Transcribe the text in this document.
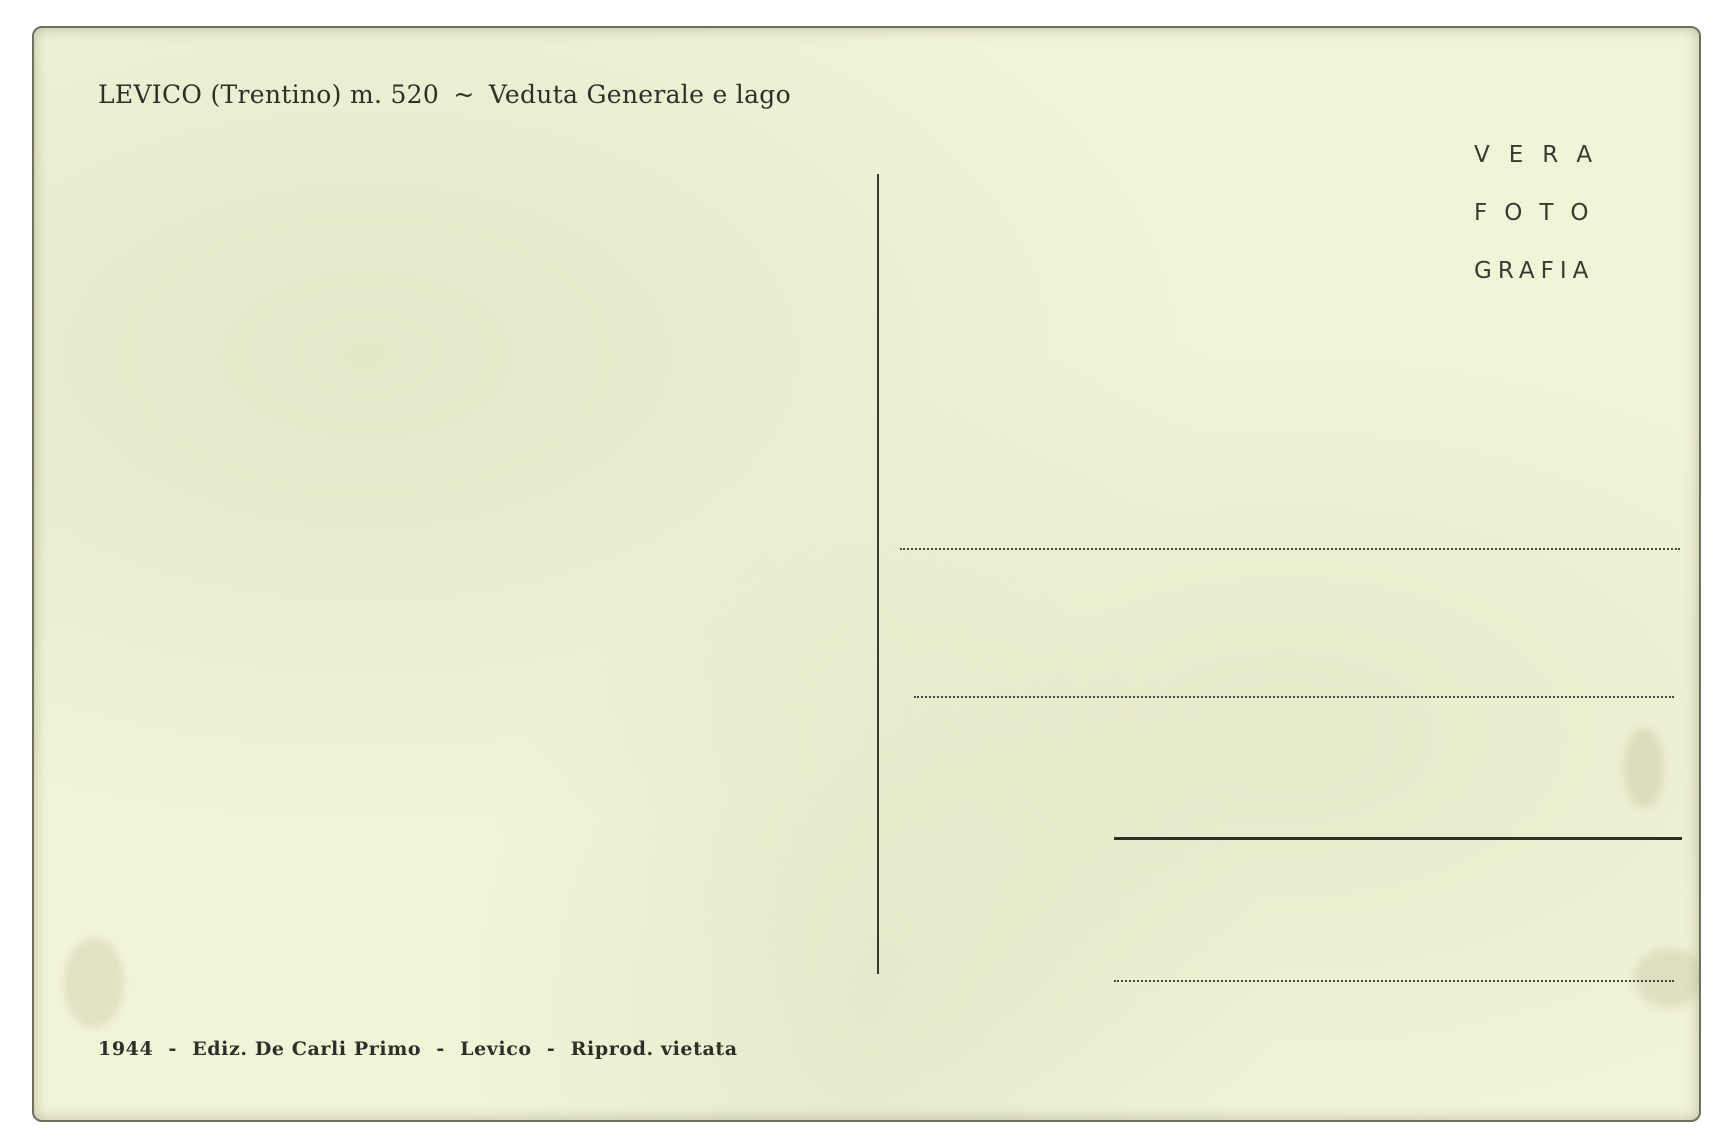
LEVICO (Trentino) m. 520 ~ Veduta Generale e lago
VERA
FOTO
GRAFIA
1944 - Ediz. De Carli Primo - Levico - Riprod. vietata
